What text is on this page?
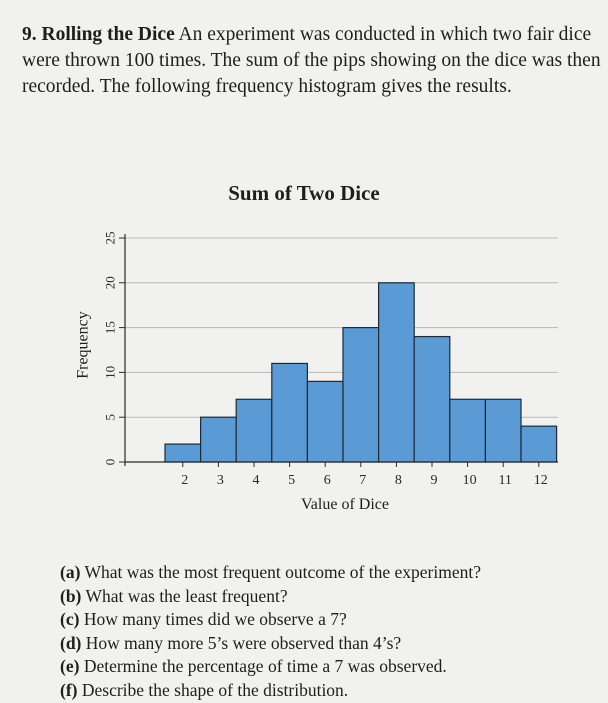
9. Rolling the Dice An experiment was conducted in which two fair dice were thrown 100 times. The sum of the pips showing on the dice was then recorded. The following frequency histogram gives the results.
Sum of Two Dice
0
5
10
15
20
25
2 3 4 5 6 7 8 9 10 11 12
Value of Dice
Frequency
(a) What was the most frequent outcome of the experiment?
(b) What was the least frequent?
(c) How many times did we observe a 7?
(d) How many more 5’s were observed than 4’s?
(e) Determine the percentage of time a 7 was observed.
(f) Describe the shape of the distribution.
